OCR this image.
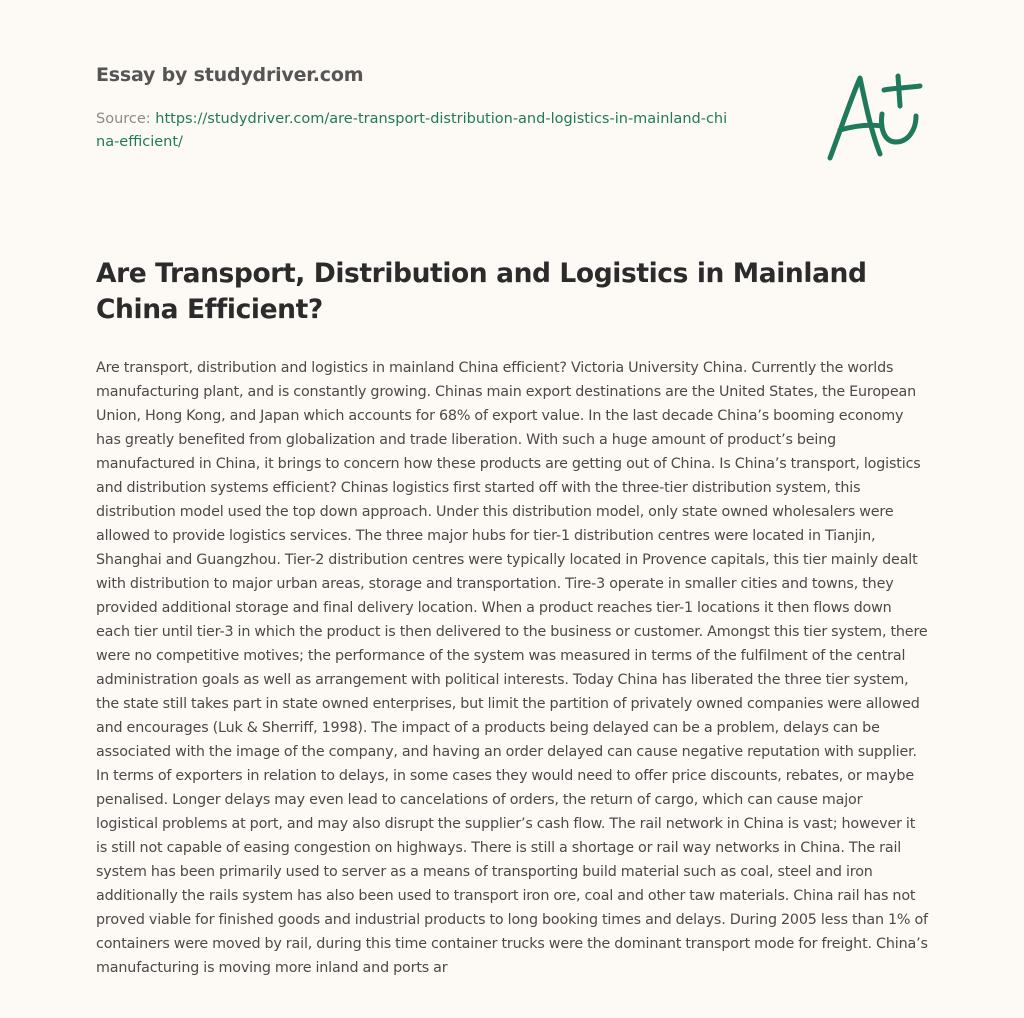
Essay by studydriver.com
Source: https://studydriver.com/are-transport-distribution-and-logistics-in-mainland-china-efficient/
Are Transport, Distribution and Logistics in Mainland China Efficient?

Are transport, distribution and logistics in mainland China efficient? Victoria University China. Currently the worlds manufacturing plant, and is constantly growing. Chinas main export destinations are the United States, the European Union, Hong Kong, and Japan which accounts for 68% of export value. In the last decade China’s booming economy has greatly benefited from globalization and trade liberation. With such a huge amount of product’s being manufactured in China, it brings to concern how these products are getting out of China. Is China’s transport, logistics and distribution systems efficient? Chinas logistics first started off with the three-tier distribution system, this distribution model used the top down approach. Under this distribution model, only state owned wholesalers were allowed to provide logistics services. The three major hubs for tier-1 distribution centres were located in Tianjin, Shanghai and Guangzhou. Tier-2 distribution centres were typically located in Provence capitals, this tier mainly dealt with distribution to major urban areas, storage and transportation. Tire-3 operate in smaller cities and towns, they provided additional storage and final delivery location. When a product reaches tier-1 locations it then flows down each tier until tier-3 in which the product is then delivered to the business or customer. Amongst this tier system, there were no competitive motives; the performance of the system was measured in terms of the fulfilment of the central administration goals as well as arrangement with political interests. Today China has liberated the three tier system, the state still takes part in state owned enterprises, but limit the partition of privately owned companies were allowed and encourages (Luk & Sherriff, 1998). The impact of a products being delayed can be a problem, delays can be associated with the image of the company, and having an order delayed can cause negative reputation with supplier. In terms of exporters in relation to delays, in some cases they would need to offer price discounts, rebates, or maybe penalised. Longer delays may even lead to cancelations of orders, the return of cargo, which can cause major logistical problems at port, and may also disrupt the supplier’s cash flow. The rail network in China is vast; however it is still not capable of easing congestion on highways. There is still a shortage or rail way networks in China. The rail system has been primarily used to server as a means of transporting build material such as coal, steel and iron additionally the rails system has also been used to transport iron ore, coal and other taw materials. China rail has not proved viable for finished goods and industrial products to long booking times and delays. During 2005 less than 1% of containers were moved by rail, during this time container trucks were the dominant transport mode for freight. China’s manufacturing is moving more inland and ports ar
